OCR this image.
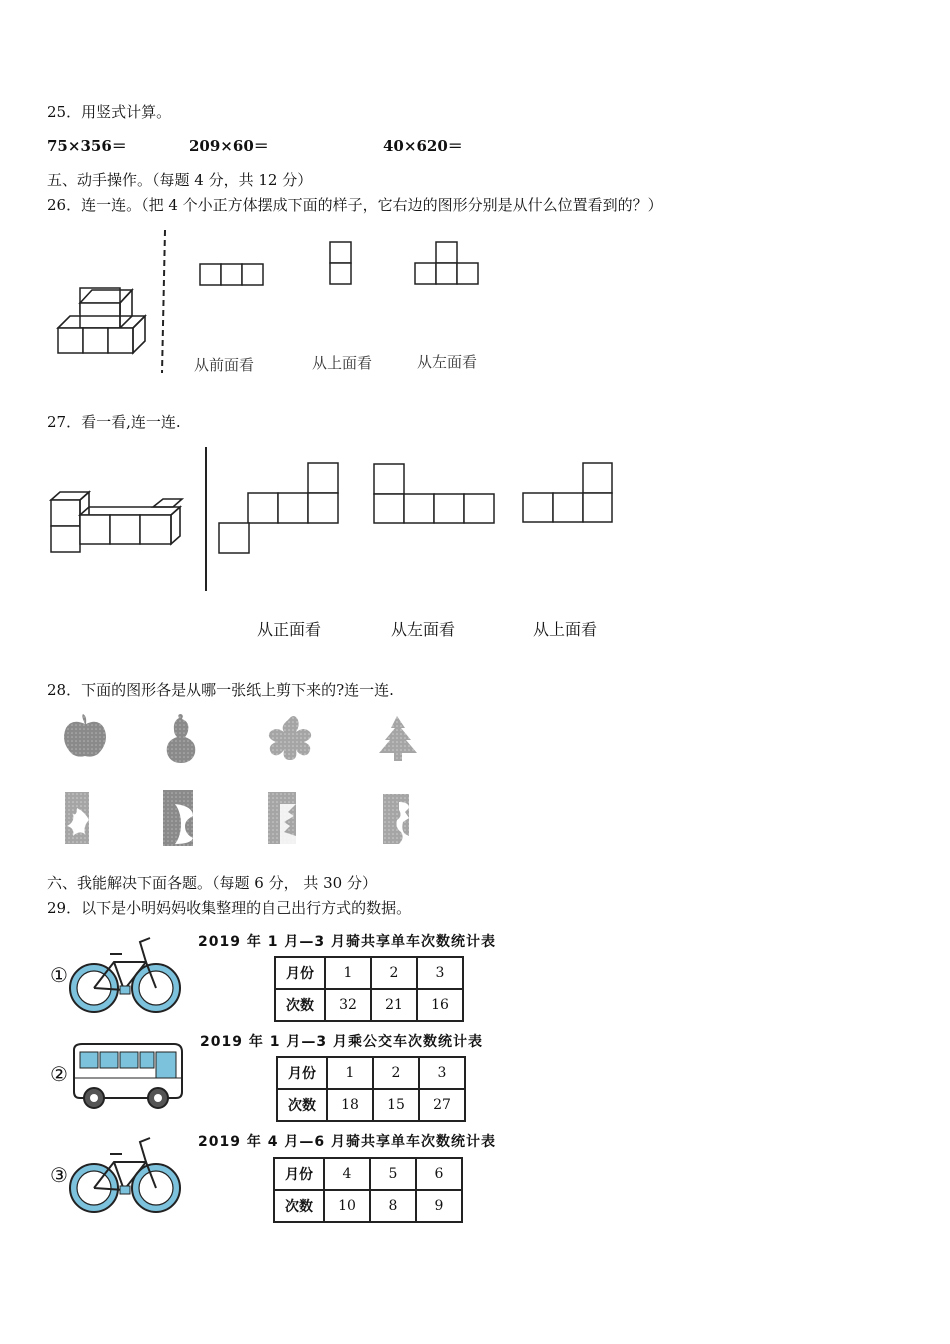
25．用竖式计算。
75×356＝	209×60＝	40×620＝
五、动手操作。（每题 4 分，共 12 分）
26．连一连。（把 4 个小正方体摆成下面的样子，它右边的图形分别是从什么位置看到的？）
从前面看	从上面看	从左面看
27．看一看,连一连.
从正面看	从左面看	从上面看
28．下面的图形各是从哪一张纸上剪下来的?连一连.
六、我能解决下面各题。（每题 6 分， 共 30 分）
29．以下是小明妈妈收集整理的自己出行方式的数据。
①
2019 年 1 月—3 月骑共享单车次数统计表
月份	1	2	3
次数	32	21	16
②
2019 年 1 月—3 月乘公交车次数统计表
月份	1	2	3
次数	18	15	27
③
2019 年 4 月—6 月骑共享单车次数统计表
月份	4	5	6
次数	10	8	9
